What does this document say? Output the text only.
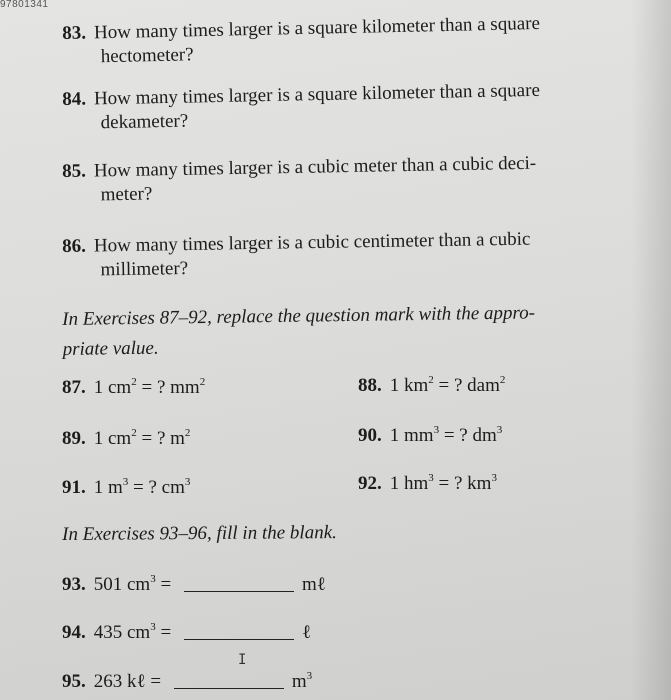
97801341
83. How many times larger is a square kilometer than a square
hectometer?
84. How many times larger is a square kilometer than a square
dekameter?
85. How many times larger is a cubic meter than a cubic deci-
meter?
86. How many times larger is a cubic centimeter than a cubic
millimeter?
In Exercises 87–92, replace the question mark with the appro-
priate value.
87. 1 $cm^2$ = ? $mm^2$	88. 1 $km^2$ = ? dam$^2$
89. 1 $cm^2$ = ? $m^2$	90. 1 $mm^3$ = ? $dm^3$
91. 1 $m^3$ = ? $cm^3$	92. 1 $hm^3$ = ? $km^3$
In Exercises 93–96, fill in the blank.
93. 501 $cm^3$ =	mℓ
94. 435 $cm^3$ =	ℓ
I
95. 263 kℓ =	$m^3$
